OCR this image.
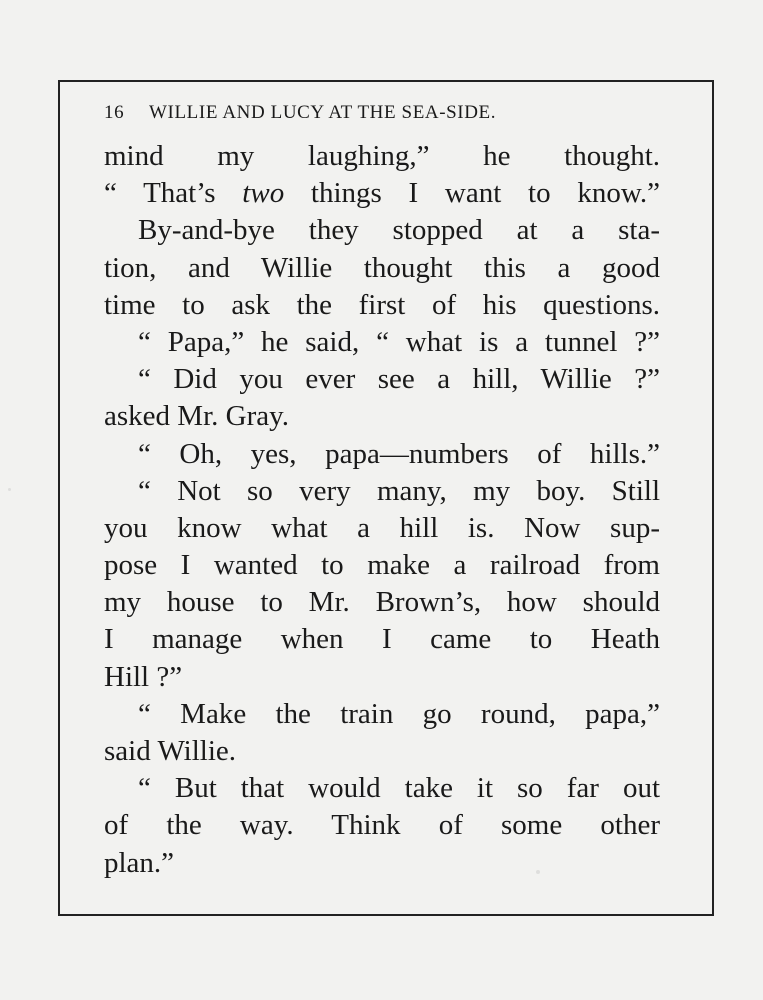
16 WILLIE AND LUCY AT THE SEA-SIDE.
mind my laughing,” he thought.
“ That’s two things I want to know.”
By-and-bye they stopped at a sta-
tion, and Willie thought this a good
time to ask the first of his questions.
“ Papa,” he said, “ what is a tunnel ?”
“ Did you ever see a hill, Willie ?”
asked Mr. Gray.
“ Oh, yes, papa—numbers of hills.”
“ Not so very many, my boy. Still
you know what a hill is. Now sup-
pose I wanted to make a railroad from
my house to Mr. Brown’s, how should
I manage when I came to Heath
Hill ?”
“ Make the train go round, papa,”
said Willie.
“ But that would take it so far out
of the way. Think of some other
plan.”
